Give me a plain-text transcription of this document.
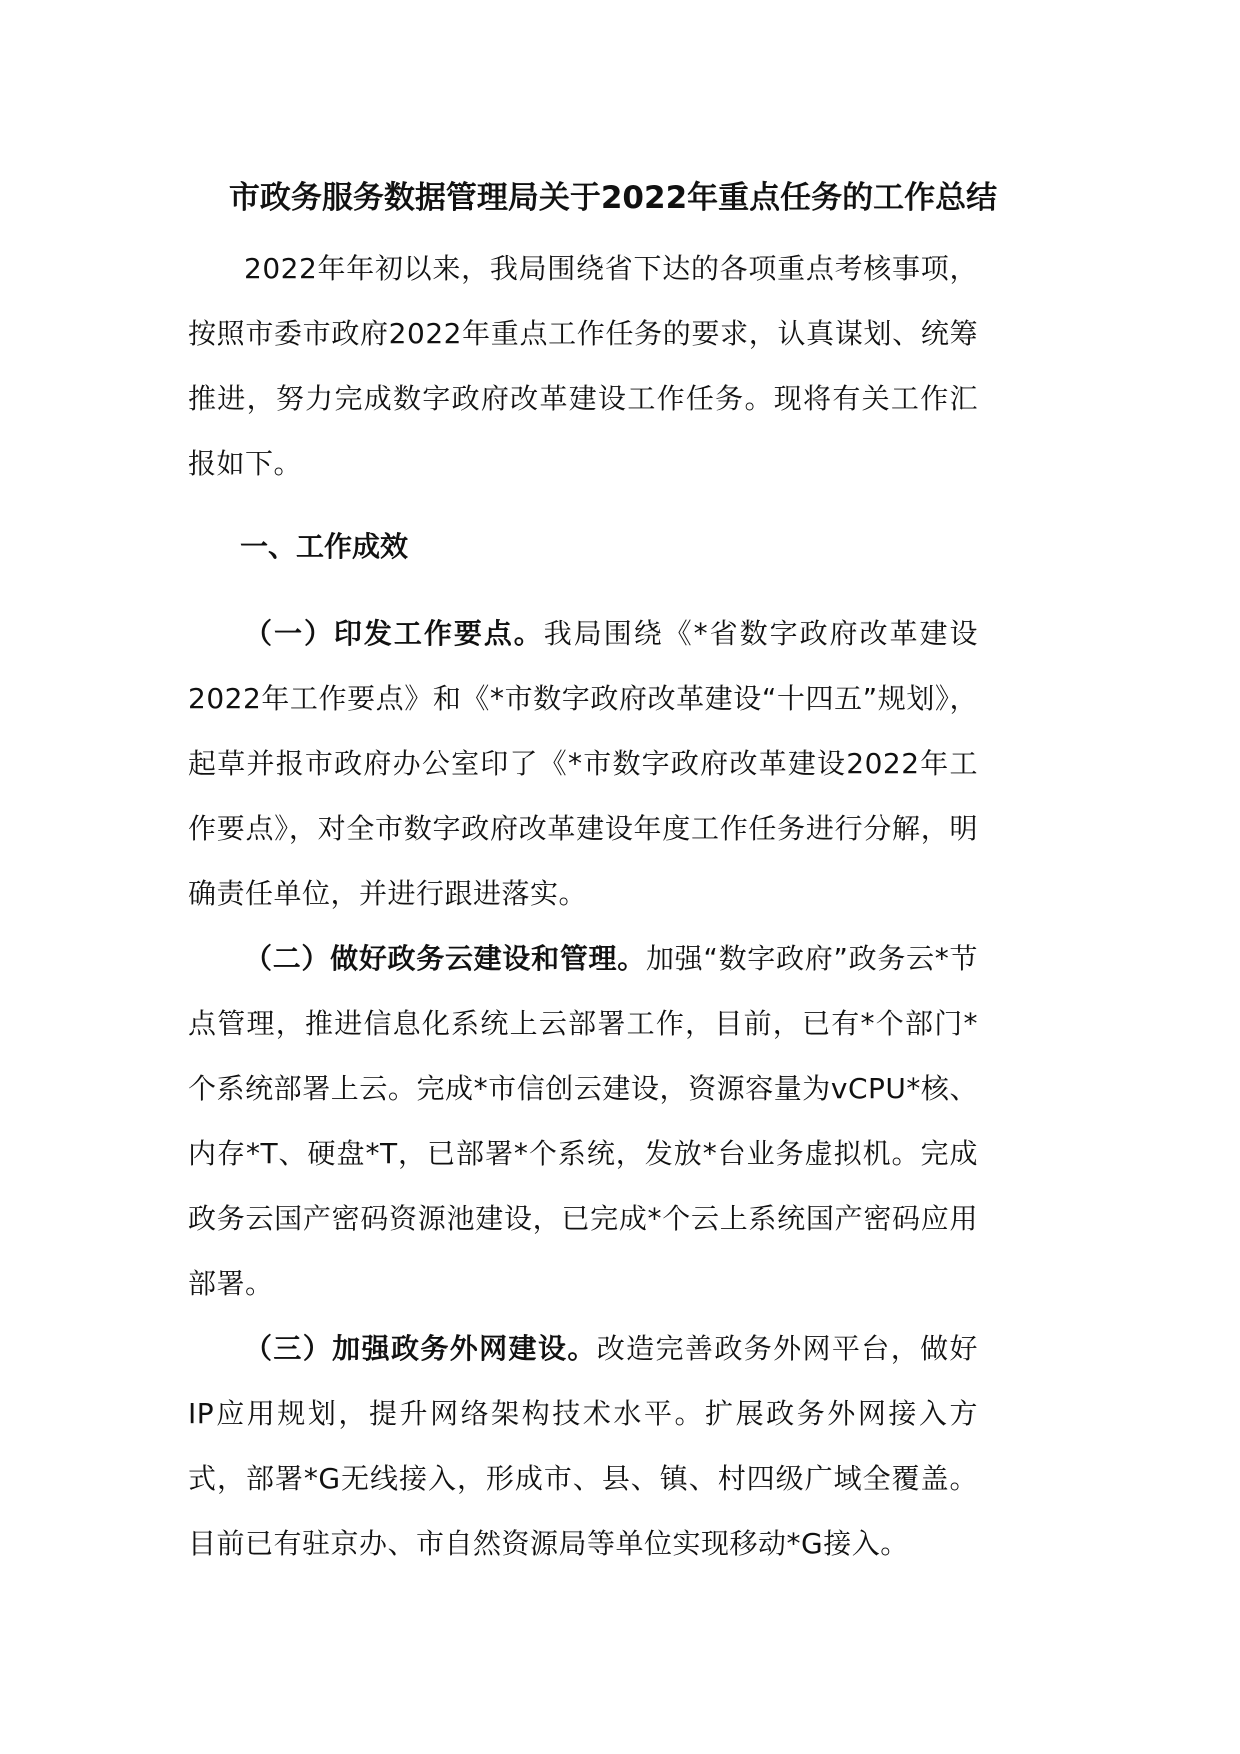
市政务服务数据管理局关于2022年重点任务的工作总结

2022年年初以来，我局围绕省下达的各项重点考核事项，按照市委市政府2022年重点工作任务的要求，认真谋划、统筹推进，努力完成数字政府改革建设工作任务。现将有关工作汇报如下。

一、工作成效

（一）印发工作要点。我局围绕《*省数字政府改革建设2022年工作要点》和《*市数字政府改革建设“十四五”规划》，起草并报市政府办公室印了《*市数字政府改革建设2022年工作要点》，对全市数字政府改革建设年度工作任务进行分解，明确责任单位，并进行跟进落实。

（二）做好政务云建设和管理。加强“数字政府”政务云*节点管理，推进信息化系统上云部署工作，目前，已有*个部门*个系统部署上云。完成*市信创云建设，资源容量为vCPU*核、内存*T、硬盘*T，已部署*个系统，发放*台业务虚拟机。完成政务云国产密码资源池建设，已完成*个云上系统国产密码应用部署。

（三）加强政务外网建设。改造完善政务外网平台，做好IP应用规划，提升网络架构技术水平。扩展政务外网接入方式，部署*G无线接入，形成市、县、镇、村四级广域全覆盖。目前已有驻京办、市自然资源局等单位实现移动*G接入。
